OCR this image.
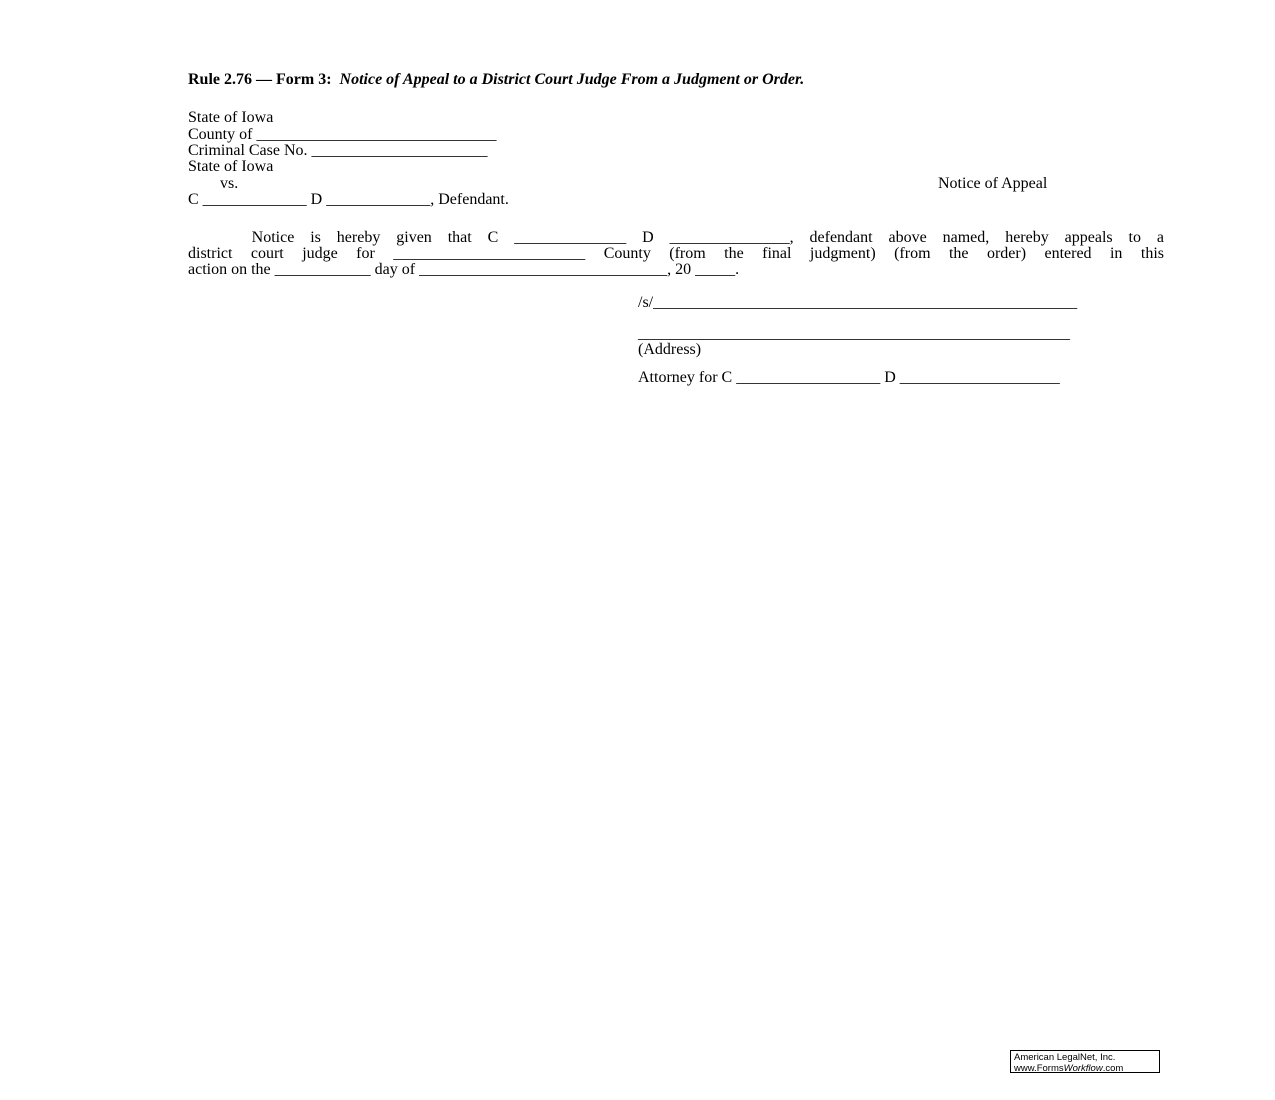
Rule 2.76 — Form 3: Notice of Appeal to a District Court Judge From a Judgment or Order.
State of Iowa
County of ______________________________
Criminal Case No. ______________________
State of Iowa
vs.
C _____________ D _____________, Defendant.
Notice of Appeal
Notice is hereby given that C ______________ D _______________, defendant above named, hereby appeals to a
district court judge for ________________________ County (from the final judgment) (from the order) entered in this
action on the ____________ day of _______________________________, 20 _____.
/s/_____________________________________________________
______________________________________________________
(Address)
Attorney for C __________________ D ____________________
American LegalNet, Inc.
www.FormsWorkflow.com
